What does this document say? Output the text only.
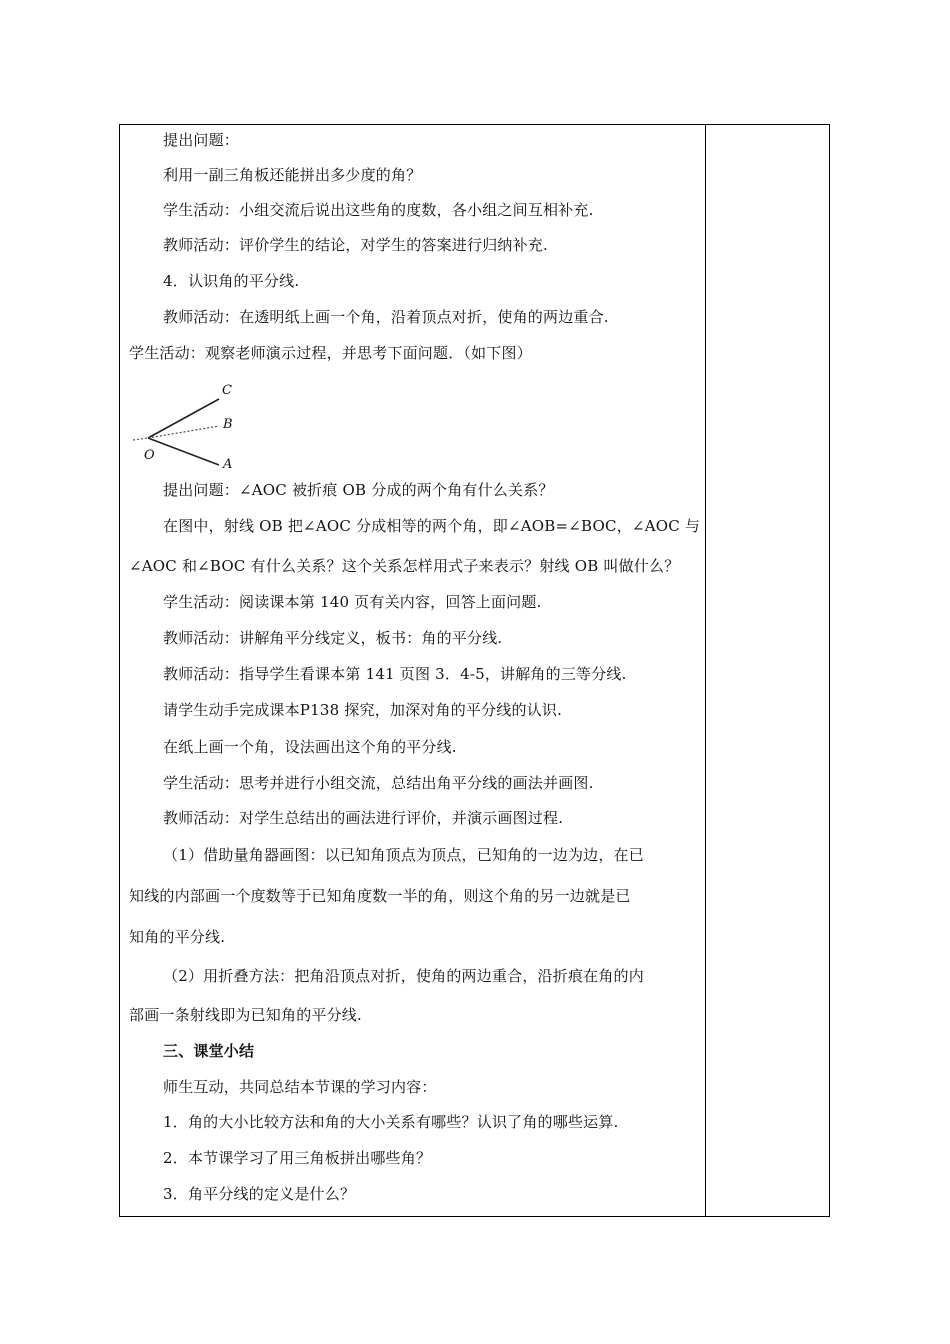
提出问题：
利用一副三角板还能拼出多少度的角？
学生活动：小组交流后说出这些角的度数，各小组之间互相补充.
教师活动：评价学生的结论，对学生的答案进行归纳补充.
4．认识角的平分线.
教师活动：在透明纸上画一个角，沿着顶点对折，使角的两边重合.
学生活动：观察老师演示过程，并思考下面问题．（如下图）
C
B
O
A
提出问题：∠AOC 被折痕 OB 分成的两个角有什么关系？
在图中，射线 OB 把∠AOC 分成相等的两个角，即∠AOB=∠BOC，∠AOC 与
∠AOC 和∠BOC 有什么关系？这个关系怎样用式子来表示？射线 OB 叫做什么？
学生活动：阅读课本第 140 页有关内容，回答上面问题.
教师活动：讲解角平分线定义，板书：角的平分线.
教师活动：指导学生看课本第 141 页图 3．4-5，讲解角的三等分线.
请学生动手完成课本P138 探究，加深对角的平分线的认识.
在纸上画一个角，设法画出这个角的平分线.
学生活动：思考并进行小组交流，总结出角平分线的画法并画图.
教师活动：对学生总结出的画法进行评价，并演示画图过程.
（1）借助量角器画图：以已知角顶点为顶点，已知角的一边为边，在已
知线的内部画一个度数等于已知角度数一半的角，则这个角的另一边就是已
知角的平分线.
（2）用折叠方法：把角沿顶点对折，使角的两边重合，沿折痕在角的内
部画一条射线即为已知角的平分线.
三、课堂小结
师生互动，共同总结本节课的学习内容：
1．角的大小比较方法和角的大小关系有哪些？认识了角的哪些运算.
2．本节课学习了用三角板拼出哪些角？
3．角平分线的定义是什么？
